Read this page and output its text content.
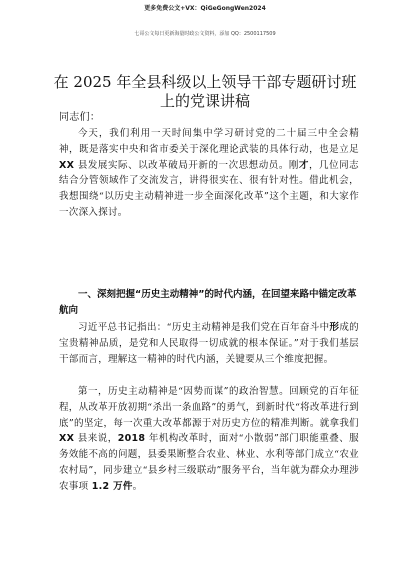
更多免费公文+VX：QiGeGongWen2024
七哥公文每日更新海量时政公文资料，添加 QQ：2500117509
在 2025 年全县科级以上领导干部专题研讨班
上的党课讲稿
同志们：

今天，我们利用一天时间集中学习研讨党的二十届三中全会精神，既是落实中央和省市委关于深化理论武装的具体行动，也是立足 XX 县发展实际、以改革破局开新的一次思想动员。刚才，几位同志结合分管领域作了交流发言，讲得很实在、很有针对性。借此机会，我想围绕“以历史主动精神进一步全面深化改革”这个主题，和大家作一次深入探讨。

一、深刻把握“历史主动精神”的时代内涵，在回望来路中锚定改革航向

习近平总书记指出：“历史主动精神是我们党在百年奋斗中形成的宝贵精神品质，是党和人民取得一切成就的根本保证。”对于我们基层干部而言，理解这一精神的时代内涵，关键要从三个维度把握。

第一，历史主动精神是“因势而谋”的政治智慧。回顾党的百年征程，从改革开放初期“杀出一条血路”的勇气，到新时代“将改革进行到底”的坚定，每一次重大改革都源于对历史方位的精准判断。就拿我们 XX 县来说，2018 年机构改革时，面对“小散弱”部门职能重叠、服务效能不高的问题，县委果断整合农业、林业、水利等部门成立“农业农村局”，同步建立“县乡村三级联动”服务平台，当年就为群众办理涉农事项 1.2 万件。
